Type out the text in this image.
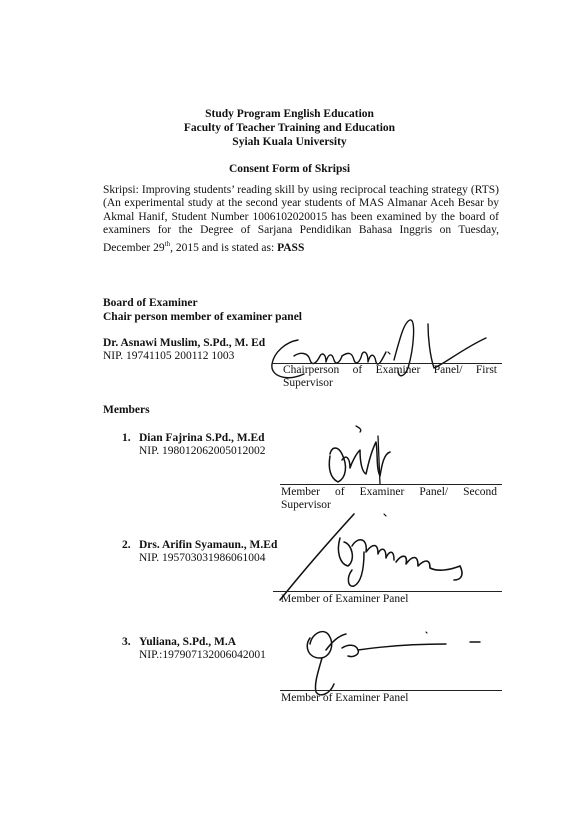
Study Program English Education
Faculty of Teacher Training and Education
Syiah Kuala University
Consent Form of Skripsi
Skripsi: Improving students’ reading skill by using reciprocal teaching strategy (RTS) (An experimental study at the second year students of MAS Almanar Aceh Besar by Akmal Hanif, Student Number 1006102020015 has been examined by the board of examiners for the Degree of Sarjana Pendidikan Bahasa Inggris on Tuesday, December 29th, 2015 and is stated as: PASS
Board of Examiner
Chair person member of examiner panel
Dr. Asnawi Muslim, S.Pd., M. Ed
NIP. 19741105 200112 1003
Chairperson of Examiner Panel/ First
Supervisor
Members
1. Dian Fajrina S.Pd., M.Ed
NIP. 198012062005012002
Member of Examiner Panel/ Second
Supervisor
2. Drs. Arifin Syamaun., M.Ed
NIP. 195703031986061004
Member of Examiner Panel
3. Yuliana, S.Pd., M.A
NIP.:197907132006042001
Member of Examiner Panel
